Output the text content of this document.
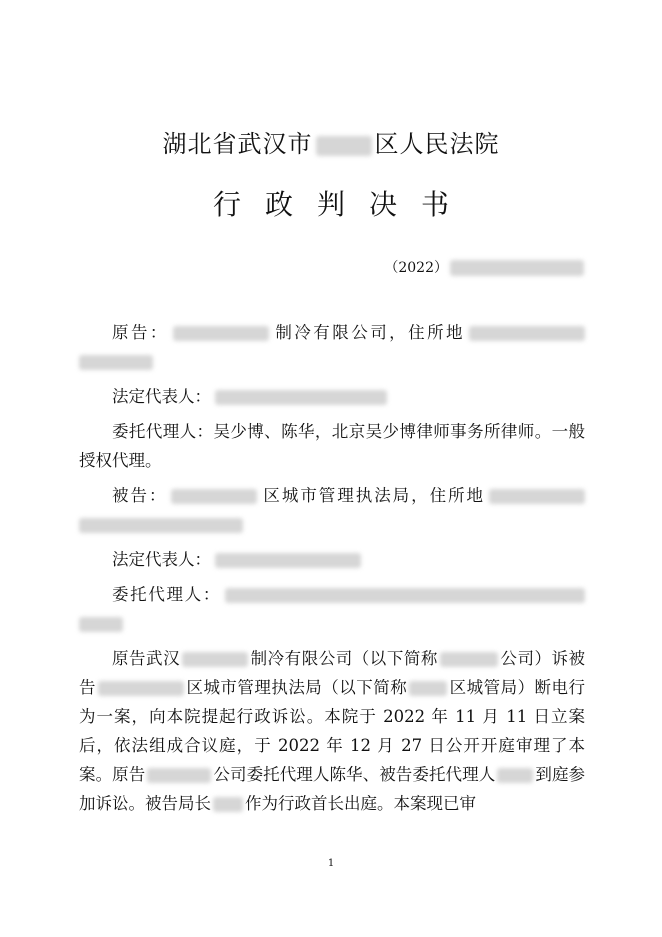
湖北省武汉市	区人民法院
行政判决书
（2022）

原告：	制冷有限公司，住所地

法定代表人：

委托代理人：吴少博、陈华，北京吴少博律师事务所律师。一般授权代理。

被告：	区城市管理执法局，住所地

法定代表人：

委托代理人：

原告武汉	制冷有限公司（以下简称	公司）诉被告	区城市管理执法局（以下简称	区城管局）断电行为一案，向本院提起行政诉讼。本院于 2022 年 11 月 11 日立案后，依法组成合议庭，于 2022 年 12 月 27 日公开开庭审理了本案。原告	公司委托代理人陈华、被告委托代理人 到庭参加诉讼。被告局长 作为行政首长出庭。本案现已审

1
